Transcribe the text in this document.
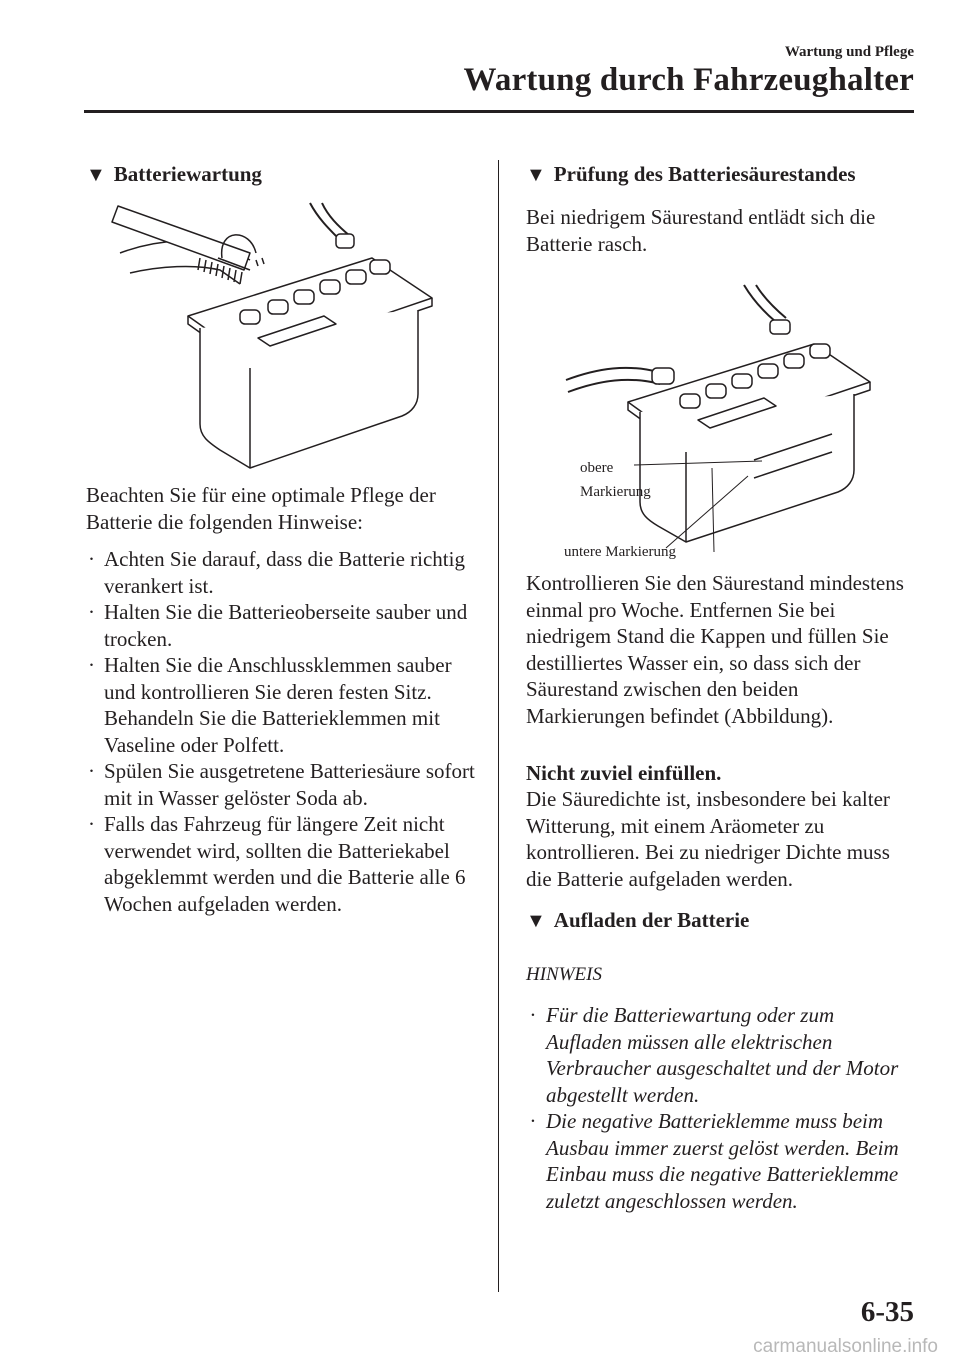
Wartung und Pflege
Wartung durch Fahrzeughalter
▼ Batteriewartung
Beachten Sie für eine optimale Pflege der Batterie die folgenden Hinweise:
· Achten Sie darauf, dass die Batterie richtig verankert ist.
· Halten Sie die Batterieoberseite sauber und trocken.
· Halten Sie die Anschlussklemmen sauber und kontrollieren Sie deren festen Sitz. Behandeln Sie die Batterieklemmen mit Vaseline oder Polfett.
· Spülen Sie ausgetretene Batteriesäure sofort mit in Wasser gelöster Soda ab.
· Falls das Fahrzeug für längere Zeit nicht verwendet wird, sollten die Batteriekabel abgeklemmt werden und die Batterie alle 6 Wochen aufgeladen werden.
▼ Prüfung des Batteriesäurestandes
Bei niedrigem Säurestand entlädt sich die Batterie rasch.
obere
Markierung
untere Markierung
Kontrollieren Sie den Säurestand mindestens einmal pro Woche. Entfernen Sie bei niedrigem Stand die Kappen und füllen Sie destilliertes Wasser ein, so dass sich der Säurestand zwischen den beiden Markierungen befindet (Abbildung).
Nicht zuviel einfüllen.
Die Säuredichte ist, insbesondere bei kalter Witterung, mit einem Aräometer zu kontrollieren. Bei zu niedriger Dichte muss die Batterie aufgeladen werden.
▼ Aufladen der Batterie
HINWEIS
· Für die Batteriewartung oder zum Aufladen müssen alle elektrischen Verbraucher ausgeschaltet und der Motor abgestellt werden.
· Die negative Batterieklemme muss beim Ausbau immer zuerst gelöst werden. Beim Einbau muss die negative Batterieklemme zuletzt angeschlossen werden.
6-35
carmanualsonline.info
